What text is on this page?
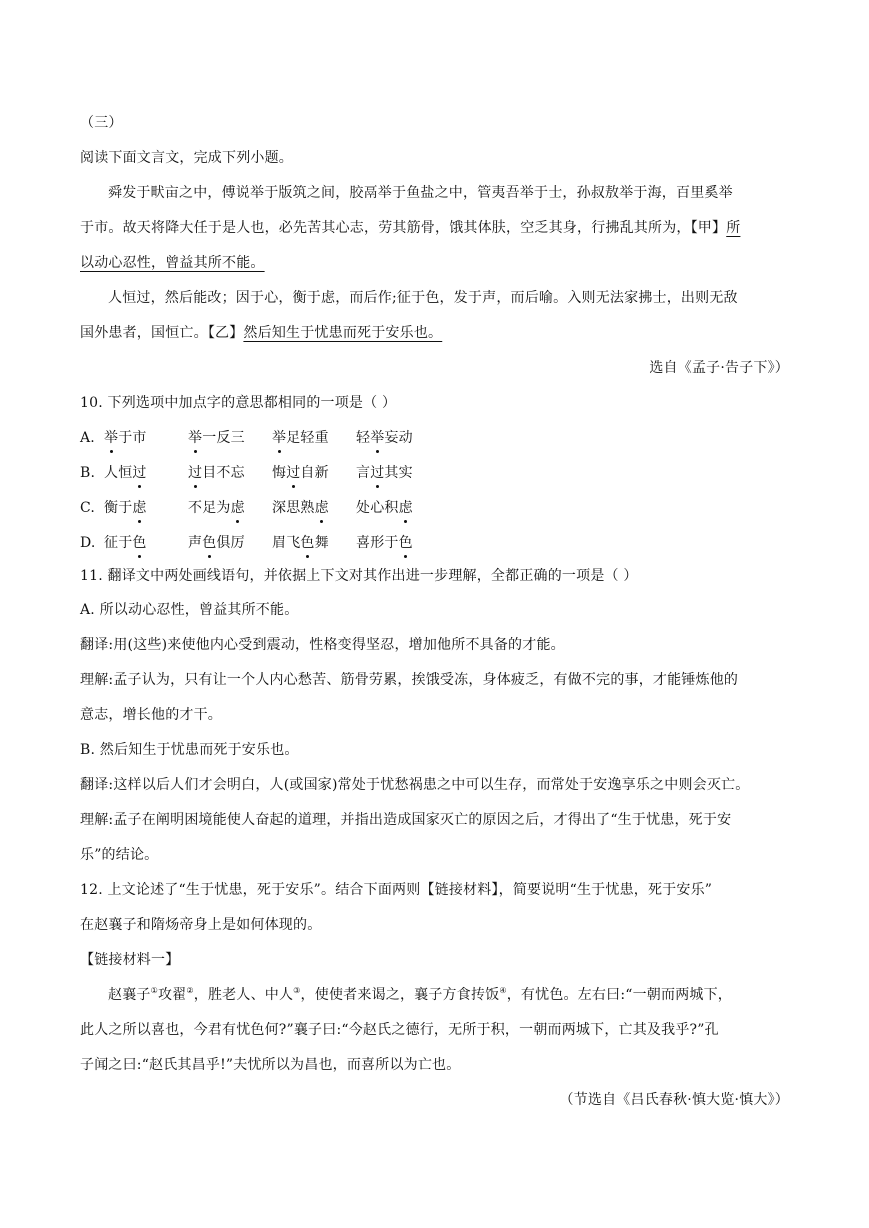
（三）
阅读下面文言文，完成下列小题。
舜发于畎亩之中，傅说举于版筑之间，胶鬲举于鱼盐之中，管夷吾举于士，孙叔敖举于海，百里奚举
于市。故天将降大任于是人也，必先苦其心志，劳其筋骨，饿其体肤，空乏其身，行拂乱其所为，【甲】所
以动心忍性，曾益其所不能。
人恒过，然后能改；因于心，衡于虑，而后作;征于色，发于声，而后喻。入则无法家拂士，出则无敌
国外患者，国恒亡。【乙】然后知生于忧患而死于安乐也。
选自《孟子·告子下》）
10. 下列选项中加点字的意思都相同的一项是（ ）
A. 举于市	举一反三 举足轻重 轻举妄动
B. 人恒过	过目不忘 悔过自新 言过其实
C. 衡于虑	不足为虑 深思熟虑 处心积虑
D. 征于色	声色俱厉 眉飞色舞 喜形于色
11. 翻译文中两处画线语句，并依据上下文对其作出进一步理解，全都正确的一项是（ ）
A. 所以动心忍性，曾益其所不能。
翻译:用(这些)来使他内心受到震动，性格变得坚忍，增加他所不具备的才能。
理解:孟子认为，只有让一个人内心愁苦、筋骨劳累，挨饿受冻，身体疲乏，有做不完的事，才能锤炼他的
意志，增长他的才干。
B. 然后知生于忧患而死于安乐也。
翻译:这样以后人们才会明白，人(或国家)常处于忧愁祸患之中可以生存，而常处于安逸享乐之中则会灭亡。
理解:孟子在阐明困境能使人奋起的道理，并指出造成国家灭亡的原因之后，才得出了“生于忧患，死于安
乐”的结论。
12. 上文论述了“生于忧患，死于安乐”。结合下面两则【链接材料】，简要说明“生于忧患，死于安乐”
在赵襄子和隋炀帝身上是如何体现的。
【链接材料一】
赵襄子①攻翟②，胜老人、中人③，使使者来谒之，襄子方食抟饭④，有忧色。左右曰:“一朝而两城下，
此人之所以喜也，今君有忧色何?”襄子曰:“今赵氏之德行，无所于积，一朝而两城下，亡其及我乎?”孔
子闻之曰:“赵氏其昌乎!”夫忧所以为昌也，而喜所以为亡也。
（节选自《吕氏春秋·慎大览·慎大》）
